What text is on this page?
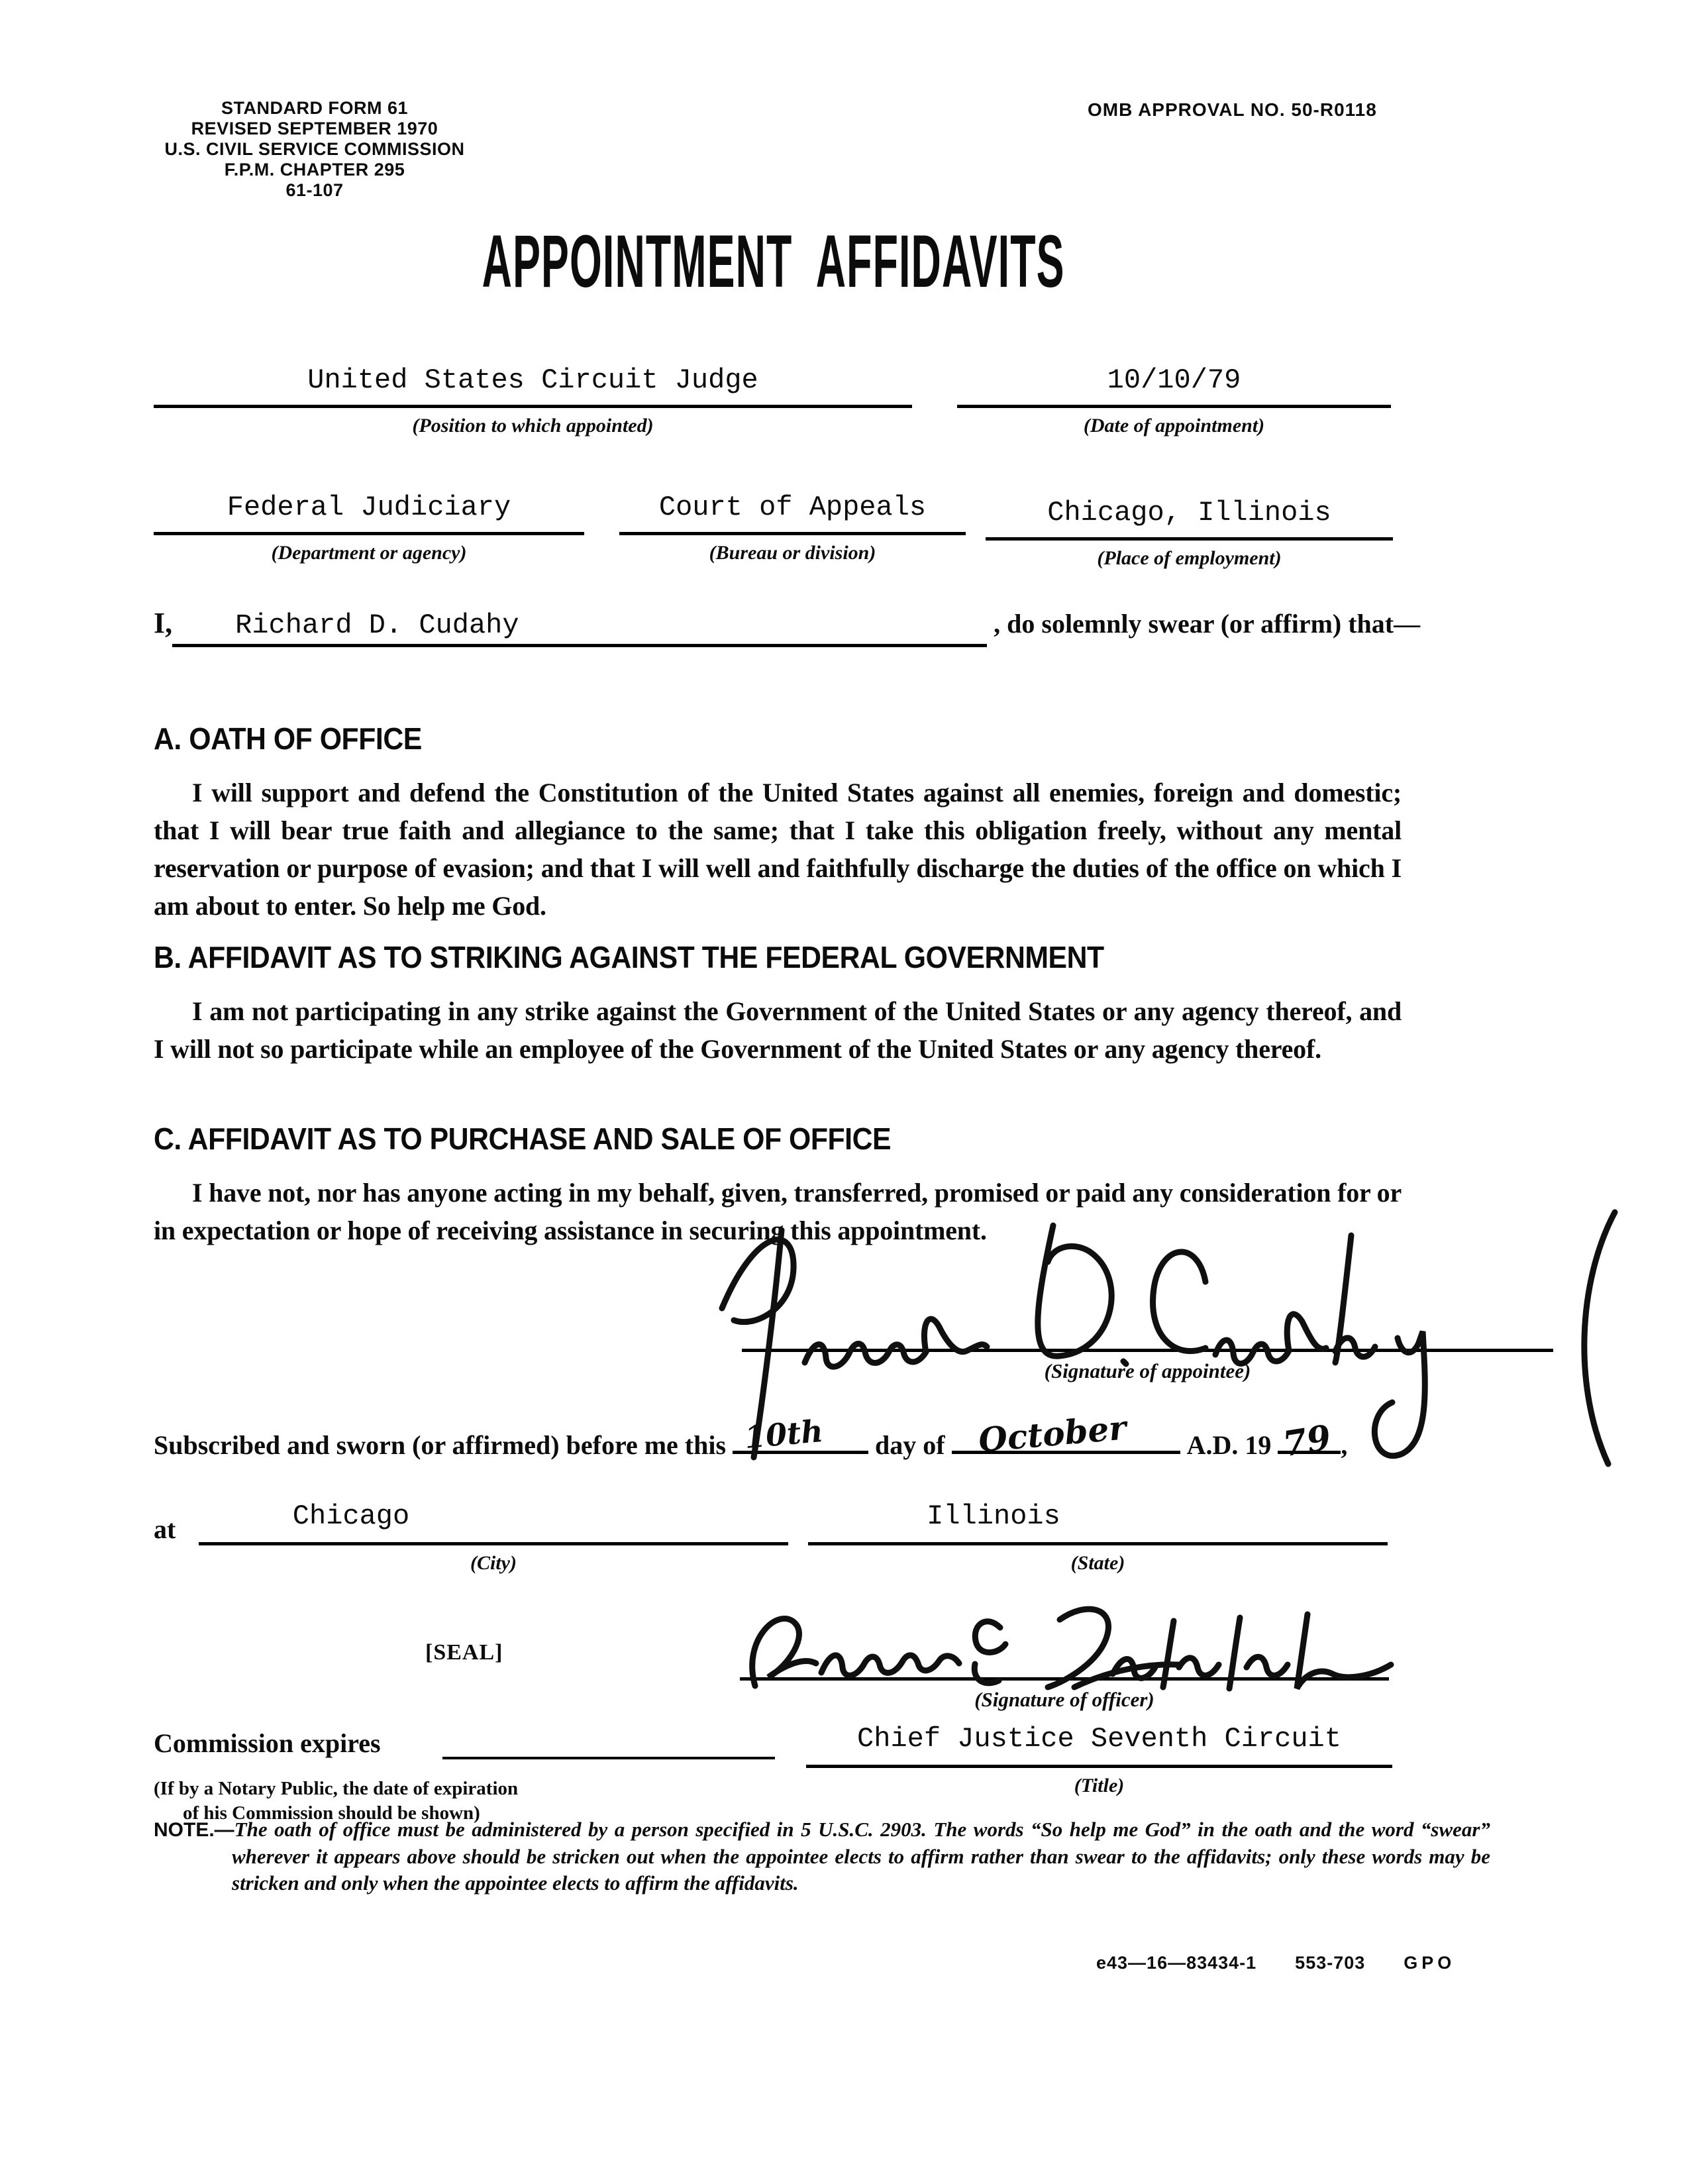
STANDARD FORM 61
REVISED SEPTEMBER 1970
U.S. CIVIL SERVICE COMMISSION
F.P.M. CHAPTER 295
61-107
OMB APPROVAL NO. 50-R0118
APPOINTMENT AFFIDAVITS
United States Circuit Judge
(Position to which appointed)
10/10/79
(Date of appointment)
Federal Judiciary
(Department or agency)
Court of Appeals
(Bureau or division)
Chicago, Illinois
(Place of employment)
I,	Richard D. Cudahy	, do solemnly swear (or affirm) that—
A. OATH OF OFFICE

I will support and defend the Constitution of the United States against all enemies, foreign and domestic; that I will bear true faith and allegiance to the same; that I take this obligation freely, without any mental reservation or purpose of evasion; and that I will well and faithfully discharge the duties of the office on which I am about to enter. So help me God.

B. AFFIDAVIT AS TO STRIKING AGAINST THE FEDERAL GOVERNMENT

I am not participating in any strike against the Government of the United States or any agency thereof, and I will not so participate while an employee of the Government of the United States or any agency thereof.

C. AFFIDAVIT AS TO PURCHASE AND SALE OF OFFICE

I have not, nor has anyone acting in my behalf, given, transferred, promised or paid any consideration for or in expectation or hope of receiving assistance in securing this appointment.

(Signature of appointee)
Subscribed and sworn (or affirmed) before me this 10th day of October A.D. 19 79 ,
at	Chicago
(City)
Illinois
(State)
[SEAL]
(Signature of officer)
Commission expires
(If by a Notary Public, the date of expiration
of his Commission should be shown)
Chief Justice Seventh Circuit
(Title)

NOTE.—The oath of office must be administered by a person specified in 5 U.S.C. 2903. The words “So help me God” in the oath and the word “swear” wherever it appears above should be stricken out when the appointee elects to affirm rather than swear to the affidavits; only these words may be stricken and only when the appointee elects to affirm the affidavits.

e43—16—83434-1 553-703 GPO
